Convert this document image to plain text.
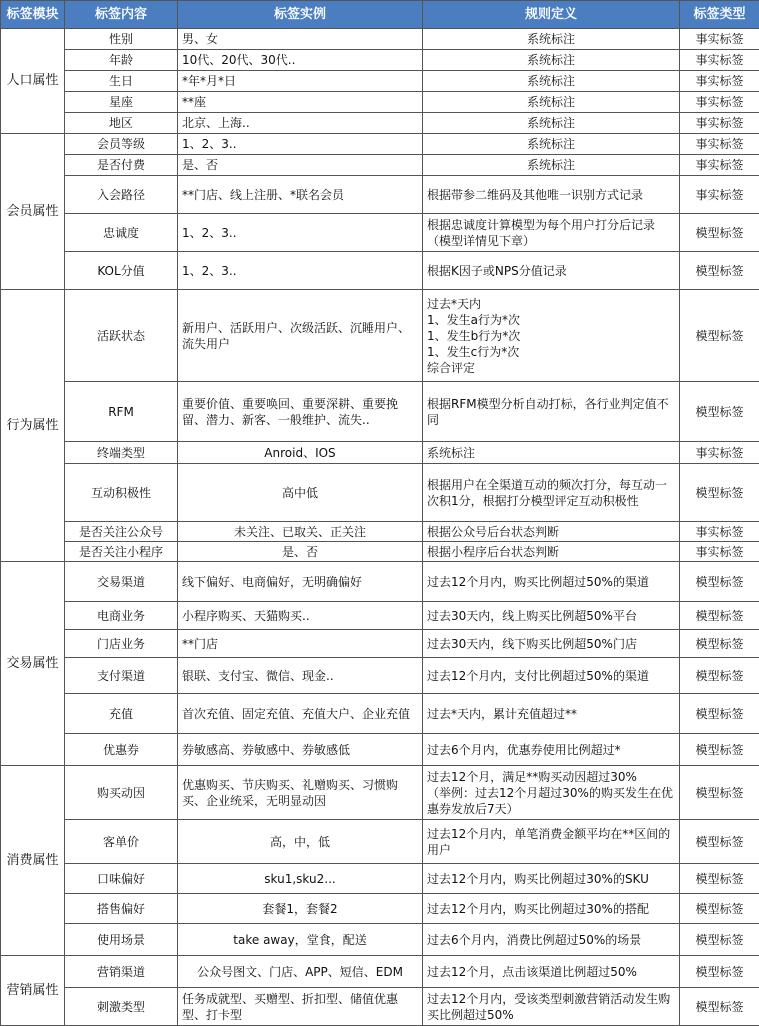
标签模块	标签内容	标签实例	规则定义	标签类型
人口属性	性别	男、女	系统标注	事实标签
	年龄	10代、20代、30代..	系统标注	事实标签
	生日	*年*月*日	系统标注	事实标签
	星座	**座	系统标注	事实标签
	地区	北京、上海..	系统标注	事实标签
会员属性	会员等级	1、2、3..	系统标注	事实标签
	是否付费	是、否	系统标注	事实标签
	入会路径	**门店、线上注册、*联名会员	根据带参二维码及其他唯一识别方式记录	事实标签
	忠诚度	1、2、3..	根据忠诚度计算模型为每个用户打分后记录（模型详情见下章）	模型标签
	KOL分值	1、2、3..	根据K因子或NPS分值记录	模型标签
行为属性	活跃状态	新用户、活跃用户、次级活跃、沉睡用户、流失用户	过去*天内
1、发生a行为*次
1、发生b行为*次
1、发生c行为*次
综合评定	模型标签
	RFM	重要价值、重要唤回、重要深耕、重要挽留、潜力、新客、一般维护、流失..	根据RFM模型分析自动打标，各行业判定值不同	模型标签
	终端类型	Anroid、IOS	系统标注	事实标签
	互动积极性	高中低	根据用户在全渠道互动的频次打分，每互动一次积1分，根据打分模型评定互动积极性	模型标签
	是否关注公众号	未关注、已取关、正关注	根据公众号后台状态判断	事实标签
	是否关注小程序	是、否	根据小程序后台状态判断	事实标签
交易属性	交易渠道	线下偏好、电商偏好，无明确偏好	过去12个月内，购买比例超过50%的渠道	模型标签
	电商业务	小程序购买、天猫购买..	过去30天内，线上购买比例超50%平台	模型标签
	门店业务	**门店	过去30天内，线下购买比例超50%门店	模型标签
	支付渠道	银联、支付宝、微信、现金..	过去12个月内，支付比例超过50%的渠道	模型标签
	充值	首次充值、固定充值、充值大户、企业充值	过去*天内，累计充值超过**	模型标签
	优惠券	券敏感高、券敏感中、券敏感低	过去6个月内，优惠券使用比例超过*	模型标签
消费属性	购买动因	优惠购买、节庆购买、礼赠购买、习惯购买、企业统采，无明显动因	过去12个月，满足**购买动因超过30%
（举例：过去12个月超过30%的购买发生在优惠券发放后7天）	模型标签
	客单价	高，中，低	过去12个月内，单笔消费金额平均在**区间的用户	模型标签
	口味偏好	sku1,sku2...	过去12个月内，购买比例超过30%的SKU	模型标签
	搭售偏好	套餐1，套餐2	过去12个月内，购买比例超过30%的搭配	模型标签
	使用场景	take away，堂食，配送	过去6个月内，消费比例超过50%的场景	模型标签
营销属性	营销渠道	公众号图文、门店、APP、短信、EDM	过去12个月，点击该渠道比例超过50%	模型标签
	刺激类型	任务成就型、买赠型、折扣型、储值优惠型、打卡型	过去12个月内，受该类型刺激营销活动发生购买比例超过50%	模型标签
